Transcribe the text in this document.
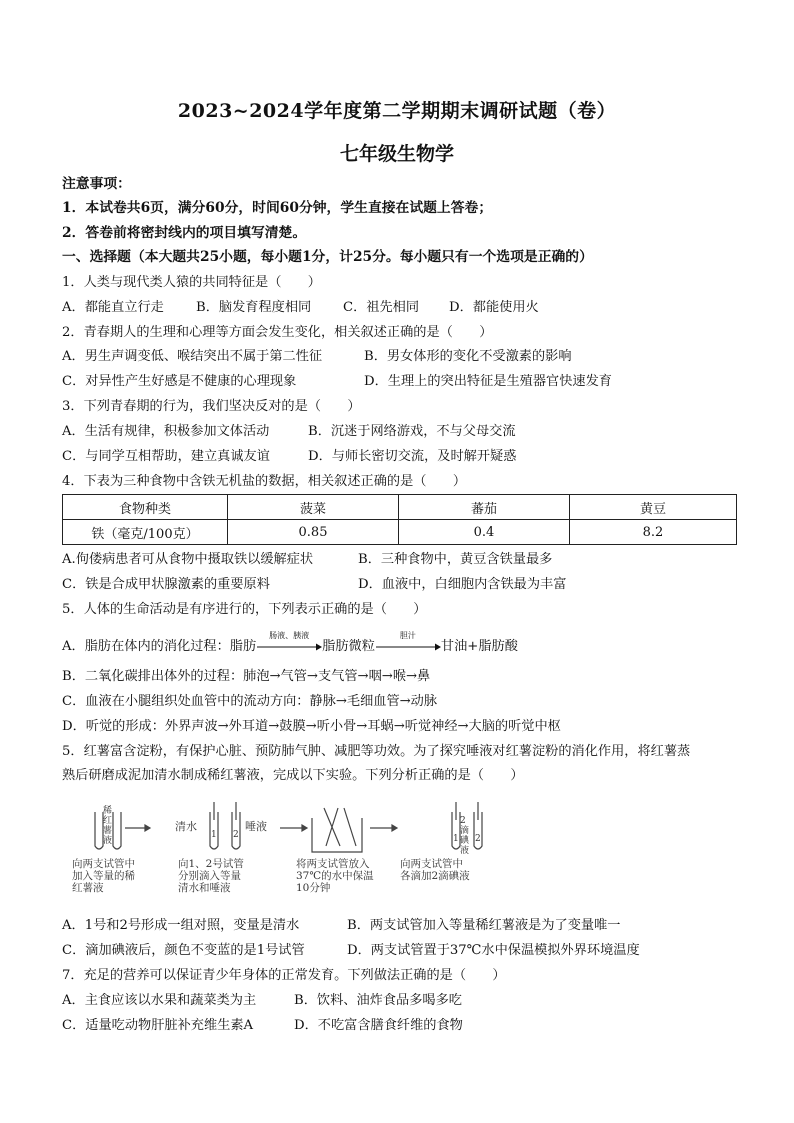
2023~2024学年度第二学期期末调研试题（卷）
七年级生物学
注意事项：
1．本试卷共6页，满分60分，时间60分钟，学生直接在试题上答卷；
2．答卷前将密封线内的项目填写清楚。
一、选择题（本大题共25小题，每小题1分，计25分。每小题只有一个选项是正确的）
1．人类与现代类人猿的共同特征是（　　）
A．都能直立行走 B．脑发育程度相同 C．祖先相同 D．都能使用火
2．青春期人的生理和心理等方面会发生变化，相关叙述正确的是（　　）
A．男生声调变低、喉结突出不属于第二性征	B．男女体形的变化不受激素的影响
C．对异性产生好感是不健康的心理现象	D．生理上的突出特征是生殖器官快速发育
3．下列青春期的行为，我们坚决反对的是（　　）
A．生活有规律，积极参加文体活动	B．沉迷于网络游戏，不与父母交流
C．与同学互相帮助，建立真诚友谊	D．与师长密切交流，及时解开疑惑
4．下表为三种食物中含铁无机盐的数据，相关叙述正确的是（　　）
食物种类	菠菜	蕃茄	黄豆
铁（毫克/100克）	0.85	0.4	8.2
A.佝偻病患者可从食物中摄取铁以缓解症状	B．三种食物中，黄豆含铁量最多
C．铁是合成甲状腺激素的重要原料	D．血液中，白细胞内含铁最为丰富
5．人体的生命活动是有序进行的，下列表示正确的是（　　）
A．脂肪在体内的消化过程：脂肪
肠液、胰液
脂肪微粒
胆汁
甘油+脂肪酸
B．二氧化碳排出体外的过程：肺泡→气管→支气管→咽→喉→鼻
C．血液在小腿组织处血管中的流动方向：静脉→毛细血管→动脉
D．听觉的形成：外界声波→外耳道→鼓膜→听小骨→耳蜗→听觉神经→大脑的听觉中枢
5．红薯富含淀粉，有保护心脏、预防肺气肿、减肥等功效。为了探究唾液对红薯淀粉的消化作用，将红薯蒸
熟后研磨成泥加清水制成稀红薯液，完成以下实验。下列分析正确的是（　　）
稀红薯液
清水	唾液
1 2
2滴碘液
1 2
向两支试管中
加入等量的稀
红薯液
向1、2号试管
分别滴入等量
清水和唾液
将两支试管放入
37℃的水中保温
10分钟
向两支试管中
各滴加2滴碘液
A．1号和2号形成一组对照，变量是清水	B．两支试管加入等量稀红薯液是为了变量唯一
C．滴加碘液后，颜色不变蓝的是1号试管	D．两支试管置于37℃水中保温模拟外界环境温度
7．充足的营养可以保证青少年身体的正常发育。下列做法正确的是（　　）
A．主食应该以水果和蔬菜类为主	B．饮料、油炸食品多喝多吃
C．适量吃动物肝脏补充维生素A	D．不吃富含膳食纤维的食物
